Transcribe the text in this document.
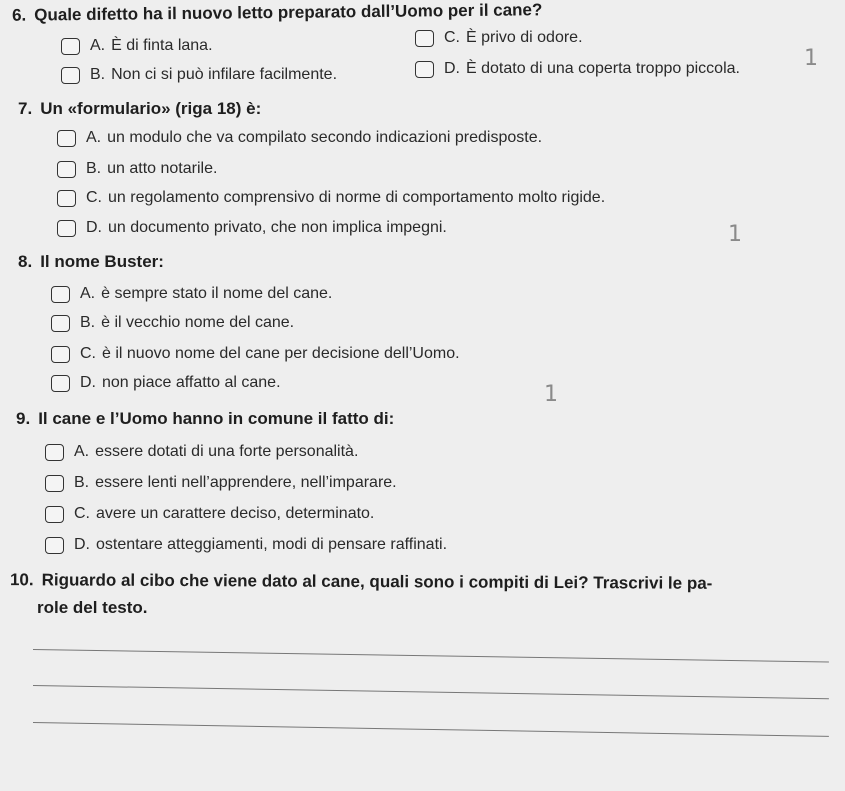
6. Quale difetto ha il nuovo letto preparato dall’Uomo per il cane?
A. È di finta lana.	C. È privo di odore.
B. Non ci si può infilare facilmente.	D. È dotato di una coperta troppo piccola.
7. Un «formulario» (riga 18) è:
A. un modulo che va compilato secondo indicazioni predisposte.
B. un atto notarile.
C. un regolamento comprensivo di norme di comportamento molto rigide.
D. un documento privato, che non implica impegni.
8. Il nome Buster:
A. è sempre stato il nome del cane.
B. è il vecchio nome del cane.
C. è il nuovo nome del cane per decisione dell’Uomo.
D. non piace affatto al cane.
9. Il cane e l’Uomo hanno in comune il fatto di:
A. essere dotati di una forte personalità.
B. essere lenti nell’apprendere, nell’imparare.
C. avere un carattere deciso, determinato.
D. ostentare atteggiamenti, modi di pensare raffinati.
10. Riguardo al cibo che viene dato al cane, quali sono i compiti di Lei? Trascrivi le pa-
role del testo.
1
1
1
